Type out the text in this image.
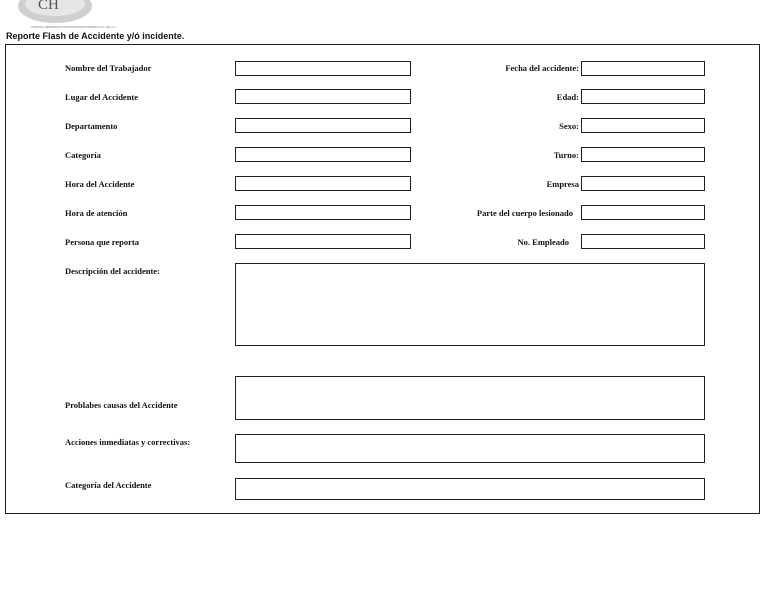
CH
CAMPOS HERMANOS DISTRIBUIDORA MINERA S.A. DE C.V.
Reporte Flash de Accidente y/ó incidente.
Nombre del Trabajador
Lugar del Accidente
Departamento
Categoría
Hora del Accidente
Hora de atención
Persona que reporta
Fecha del accidente:
Edad:
Sexo:
Turno:
Empresa
Parte del cuerpo lesionado
No. Empleado
Descripción del accidente:
Problabes causas del Accidente
Acciones inmediatas y correctivas:
Categoría del Accidente
